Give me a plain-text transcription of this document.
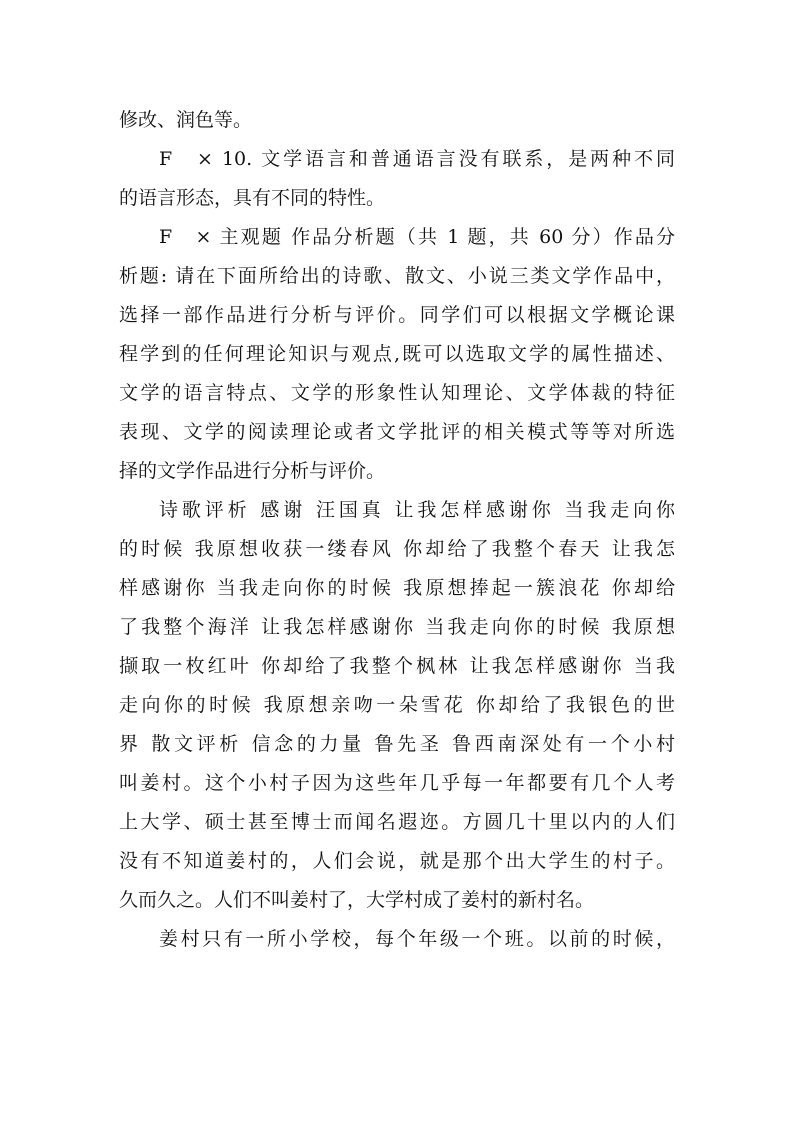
修改、润色等。
F　× 10. 文学语言和普通语言没有联系，是两种不同
的语言形态，具有不同的特性。
F　× 主观题 作品分析题（共 1 题，共 60 分）作品分
析题: 请在下面所给出的诗歌、散文、小说三类文学作品中，
选择一部作品进行分析与评价。同学们可以根据文学概论课
程学到的任何理论知识与观点,既可以选取文学的属性描述、
文学的语言特点、文学的形象性认知理论、文学体裁的特征
表现、文学的阅读理论或者文学批评的相关模式等等对所选
择的文学作品进行分析与评价。
诗歌评析 感谢 汪国真 让我怎样感谢你 当我走向你
的时候 我原想收获一缕春风 你却给了我整个春天 让我怎
样感谢你 当我走向你的时候 我原想捧起一簇浪花 你却给
了我整个海洋 让我怎样感谢你 当我走向你的时候 我原想
撷取一枚红叶 你却给了我整个枫林 让我怎样感谢你 当我
走向你的时候 我原想亲吻一朵雪花 你却给了我银色的世
界 散文评析 信念的力量 鲁先圣 鲁西南深处有一个小村
叫姜村。这个小村子因为这些年几乎每一年都要有几个人考
上大学、硕士甚至博士而闻名遐迩。方圆几十里以内的人们
没有不知道姜村的，人们会说，就是那个出大学生的村子。
久而久之。人们不叫姜村了，大学村成了姜村的新村名。
姜村只有一所小学校，每个年级一个班。以前的时候，
